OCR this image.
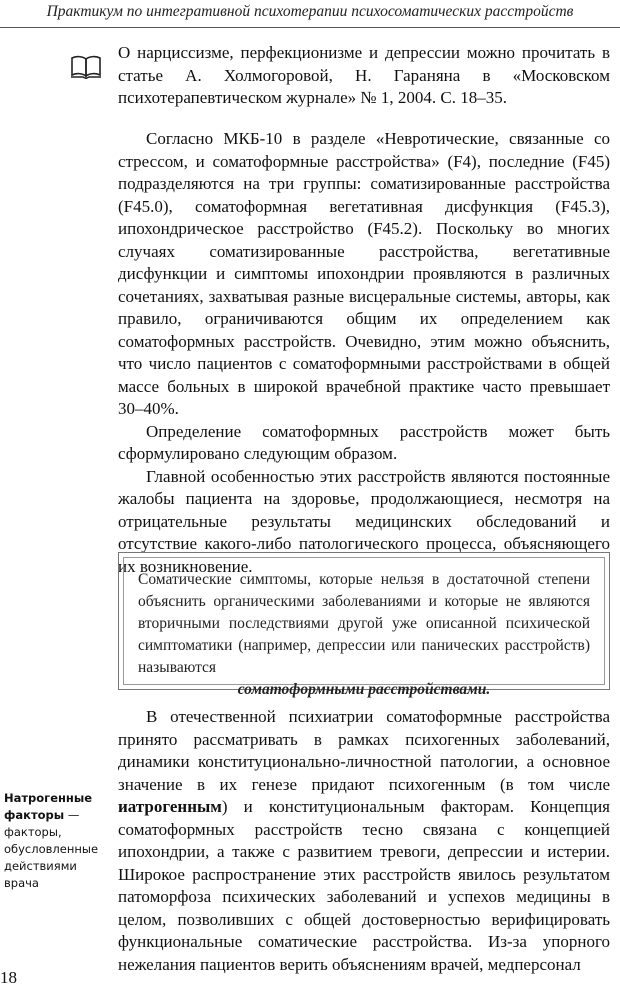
Практикум по интегративной психотерапии психосоматических расстройств

О нарциссизме, перфекционизме и депрессии можно прочитать в статье А. Холмогоровой, Н. Гараняна в «Московском психотерапевтическом журнале» № 1, 2004. С. 18–35.

Согласно МКБ-10 в разделе «Невротические, связанные со стрессом, и соматоформные расстройства» (F4), последние (F45) подразделяются на три группы: соматизированные расстройства (F45.0), соматоформная вегетативная дисфункция (F45.3), ипохондрическое расстройство (F45.2). Поскольку во многих случаях соматизированные расстройства, вегетативные дисфункции и симптомы ипохондрии проявляются в различных сочетаниях, захватывая разные висцеральные системы, авторы, как правило, ограничиваются общим их определением как соматоформных расстройств. Очевидно, этим можно объяснить, что число пациентов с соматоформными расстройствами в общей массе больных в широкой врачебной практике часто превышает 30–40%.

Определение соматоформных расстройств может быть сформулировано следующим образом.

Главной особенностью этих расстройств являются постоянные жалобы пациента на здоровье, продолжающиеся, несмотря на отрицательные результаты медицинских обследований и отсутствие какого-либо патологического процесса, объясняющего их возникновение.

Соматические симптомы, которые нельзя в достаточной степени объяснить органическими заболеваниями и которые не являются вторичными последствиями другой уже описанной психической симптоматики (например, депрессии или панических расстройств) называются
соматоформными расстройствами.

В отечественной психиатрии соматоформные расстройства принято рассматривать в рамках психогенных заболеваний, динамики конституционально-личностной патологии, а основное значение в их генезе придают психогенным (в том числе иатрогенным) и конституциональным факторам. Концепция соматоформных расстройств тесно связана с концепцией ипохондрии, а также с развитием тревоги, депрессии и истерии. Широкое распространение этих расстройств явилось результатом патоморфоза психических заболеваний и успехов медицины в целом, позволивших с общей достоверностью верифицировать функциональные соматические расстройства. Из-за упорного нежелания пациентов верить объяснениям врачей, медперсонал

Натрогенные факторы — факторы, обусловленные действиями врача
18
